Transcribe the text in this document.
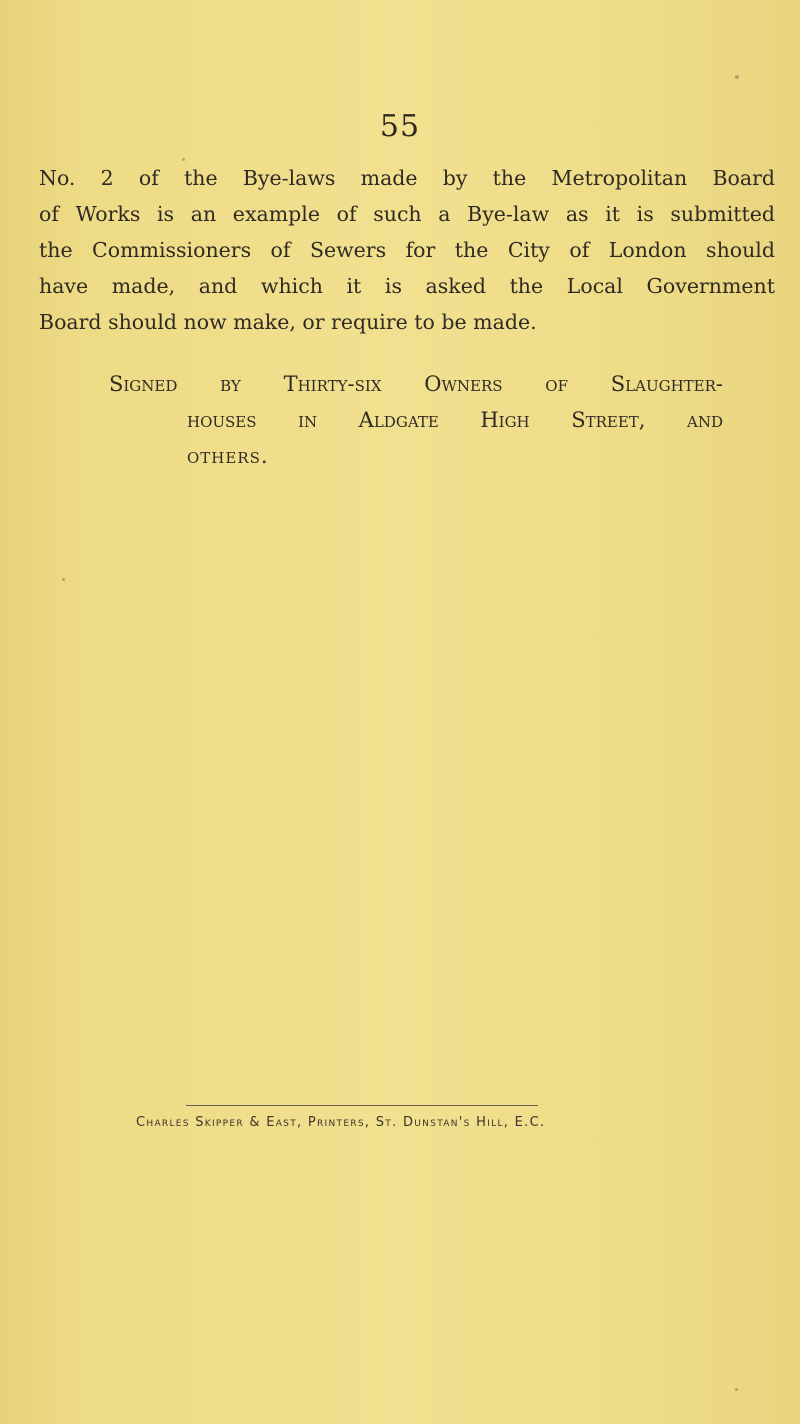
55

No. 2 of the Bye-laws made by the Metropolitan Board
of Works is an example of such a Bye-law as it is submitted
the Commissioners of Sewers for the City of London should
have made, and which it is asked the Local Government
Board should now make, or require to be made.

Signed by Thirty-six Owners of Slaughter-
houses in Aldgate High Street, and
others.
Charles Skipper & East, Printers, St. Dunstan's Hill, E.C.
